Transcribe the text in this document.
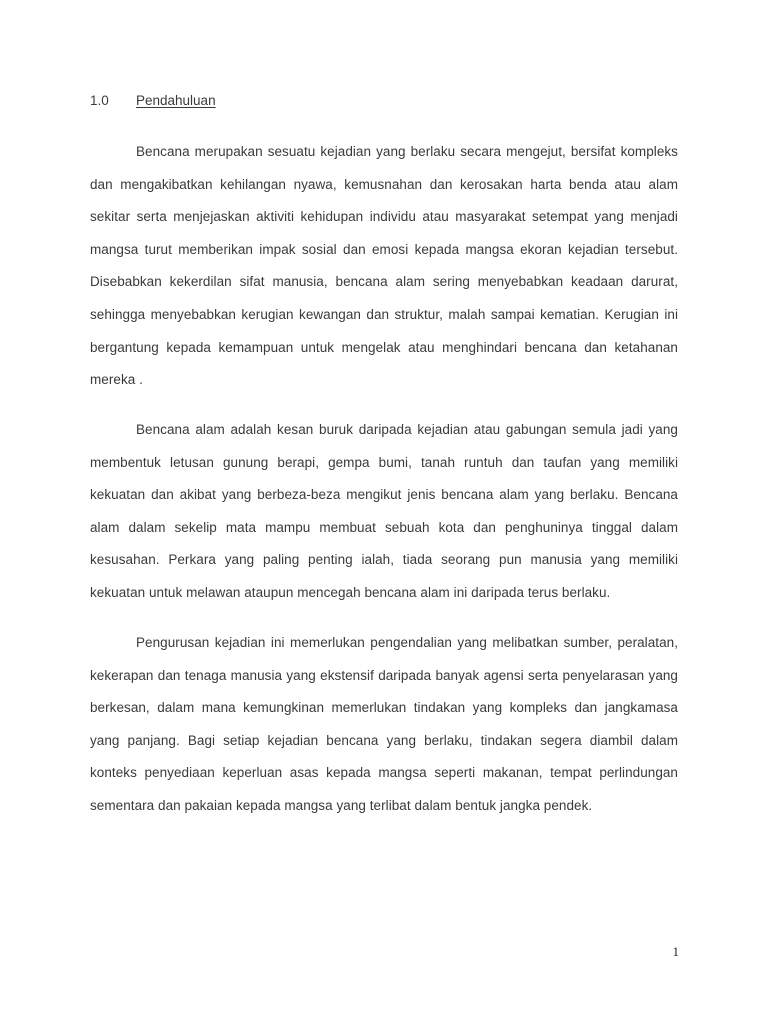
1.0 Pendahuluan

Bencana merupakan sesuatu kejadian yang berlaku secara mengejut, bersifat kompleks dan mengakibatkan kehilangan nyawa, kemusnahan dan kerosakan harta benda atau alam sekitar serta menjejaskan aktiviti kehidupan individu atau masyarakat setempat yang menjadi mangsa turut memberikan impak sosial dan emosi kepada mangsa ekoran kejadian tersebut. Disebabkan kekerdilan sifat manusia, bencana alam sering menyebabkan keadaan darurat, sehingga menyebabkan kerugian kewangan dan struktur, malah sampai kematian. Kerugian ini bergantung kepada kemampuan untuk mengelak atau menghindari bencana dan ketahanan mereka .

Bencana alam adalah kesan buruk daripada kejadian atau gabungan semula jadi yang membentuk letusan gunung berapi, gempa bumi, tanah runtuh dan taufan yang memiliki kekuatan dan akibat yang berbeza-beza mengikut jenis bencana alam yang berlaku. Bencana alam dalam sekelip mata mampu membuat sebuah kota dan penghuninya tinggal dalam kesusahan. Perkara yang paling penting ialah, tiada seorang pun manusia yang memiliki kekuatan untuk melawan ataupun mencegah bencana alam ini daripada terus berlaku.

Pengurusan kejadian ini memerlukan pengendalian yang melibatkan sumber, peralatan, kekerapan dan tenaga manusia yang ekstensif daripada banyak agensi serta penyelarasan yang berkesan, dalam mana kemungkinan memerlukan tindakan yang kompleks dan jangkamasa yang panjang. Bagi setiap kejadian bencana yang berlaku, tindakan segera diambil dalam konteks penyediaan keperluan asas kepada mangsa seperti makanan, tempat perlindungan sementara dan pakaian kepada mangsa yang terlibat dalam bentuk jangka pendek.

1
